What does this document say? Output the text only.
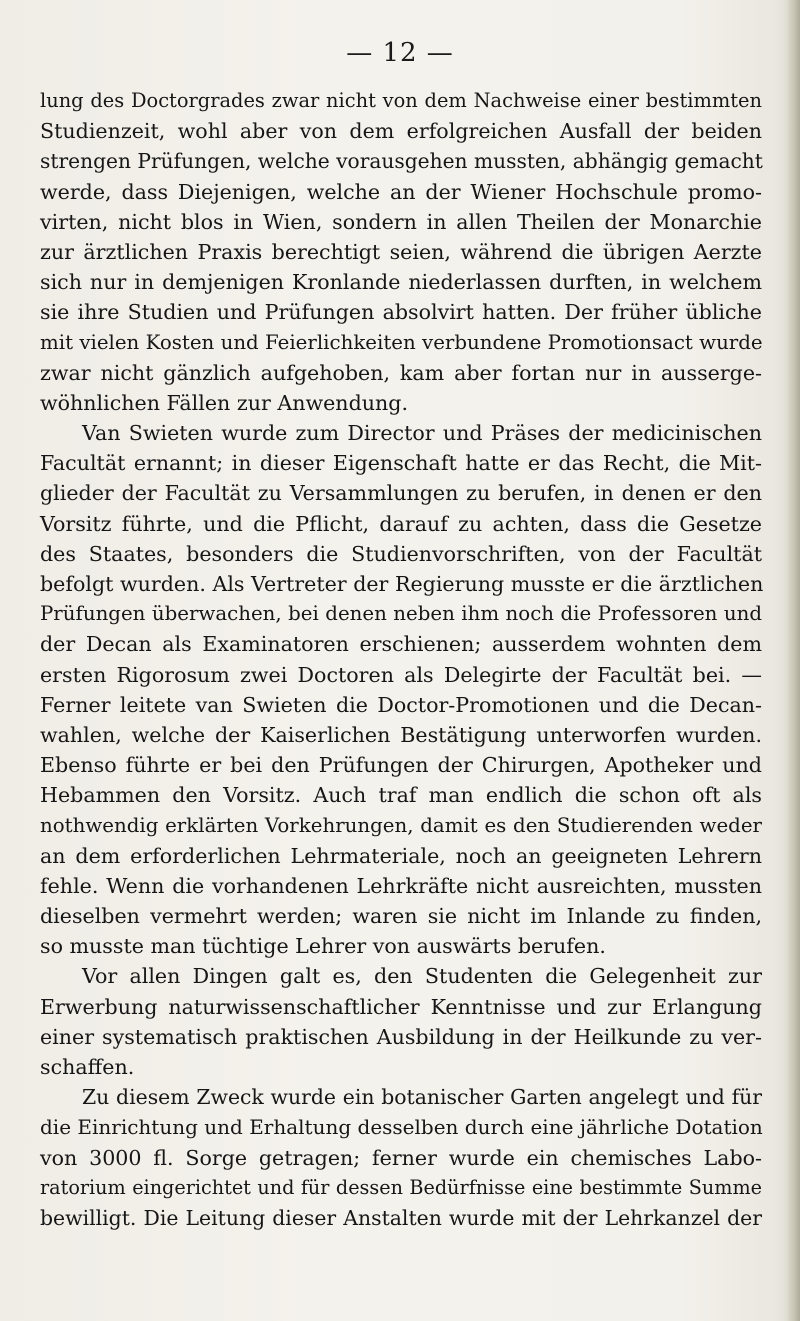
— 12 —
lung des Doctorgrades zwar nicht von dem Nachweise einer bestimmten
Studienzeit, wohl aber von dem erfolgreichen Ausfall der beiden
strengen Prüfungen, welche vorausgehen mussten, abhängig gemacht
werde, dass Diejenigen, welche an der Wiener Hochschule promo-
virten, nicht blos in Wien, sondern in allen Theilen der Monarchie
zur ärztlichen Praxis berechtigt seien, während die übrigen Aerzte
sich nur in demjenigen Kronlande niederlassen durften, in welchem
sie ihre Studien und Prüfungen absolvirt hatten. Der früher übliche
mit vielen Kosten und Feierlichkeiten verbundene Promotionsact wurde
zwar nicht gänzlich aufgehoben, kam aber fortan nur in ausserge-
wöhnlichen Fällen zur Anwendung.
Van Swieten wurde zum Director und Präses der medicinischen
Facultät ernannt; in dieser Eigenschaft hatte er das Recht, die Mit-
glieder der Facultät zu Versammlungen zu berufen, in denen er den
Vorsitz führte, und die Pflicht, darauf zu achten, dass die Gesetze
des Staates, besonders die Studienvorschriften, von der Facultät
befolgt wurden. Als Vertreter der Regierung musste er die ärztlichen
Prüfungen überwachen, bei denen neben ihm noch die Professoren und
der Decan als Examinatoren erschienen; ausserdem wohnten dem
ersten Rigorosum zwei Doctoren als Delegirte der Facultät bei. —
Ferner leitete van Swieten die Doctor-Promotionen und die Decan-
wahlen, welche der Kaiserlichen Bestätigung unterworfen wurden.
Ebenso führte er bei den Prüfungen der Chirurgen, Apotheker und
Hebammen den Vorsitz. Auch traf man endlich die schon oft als
nothwendig erklärten Vorkehrungen, damit es den Studierenden weder
an dem erforderlichen Lehrmateriale, noch an geeigneten Lehrern
fehle. Wenn die vorhandenen Lehrkräfte nicht ausreichten, mussten
dieselben vermehrt werden; waren sie nicht im Inlande zu finden,
so musste man tüchtige Lehrer von auswärts berufen.
Vor allen Dingen galt es, den Studenten die Gelegenheit zur
Erwerbung naturwissenschaftlicher Kenntnisse und zur Erlangung
einer systematisch praktischen Ausbildung in der Heilkunde zu ver-
schaffen.
Zu diesem Zweck wurde ein botanischer Garten angelegt und für
die Einrichtung und Erhaltung desselben durch eine jährliche Dotation
von 3000 fl. Sorge getragen; ferner wurde ein chemisches Labo-
ratorium eingerichtet und für dessen Bedürfnisse eine bestimmte Summe
bewilligt. Die Leitung dieser Anstalten wurde mit der Lehrkanzel der
